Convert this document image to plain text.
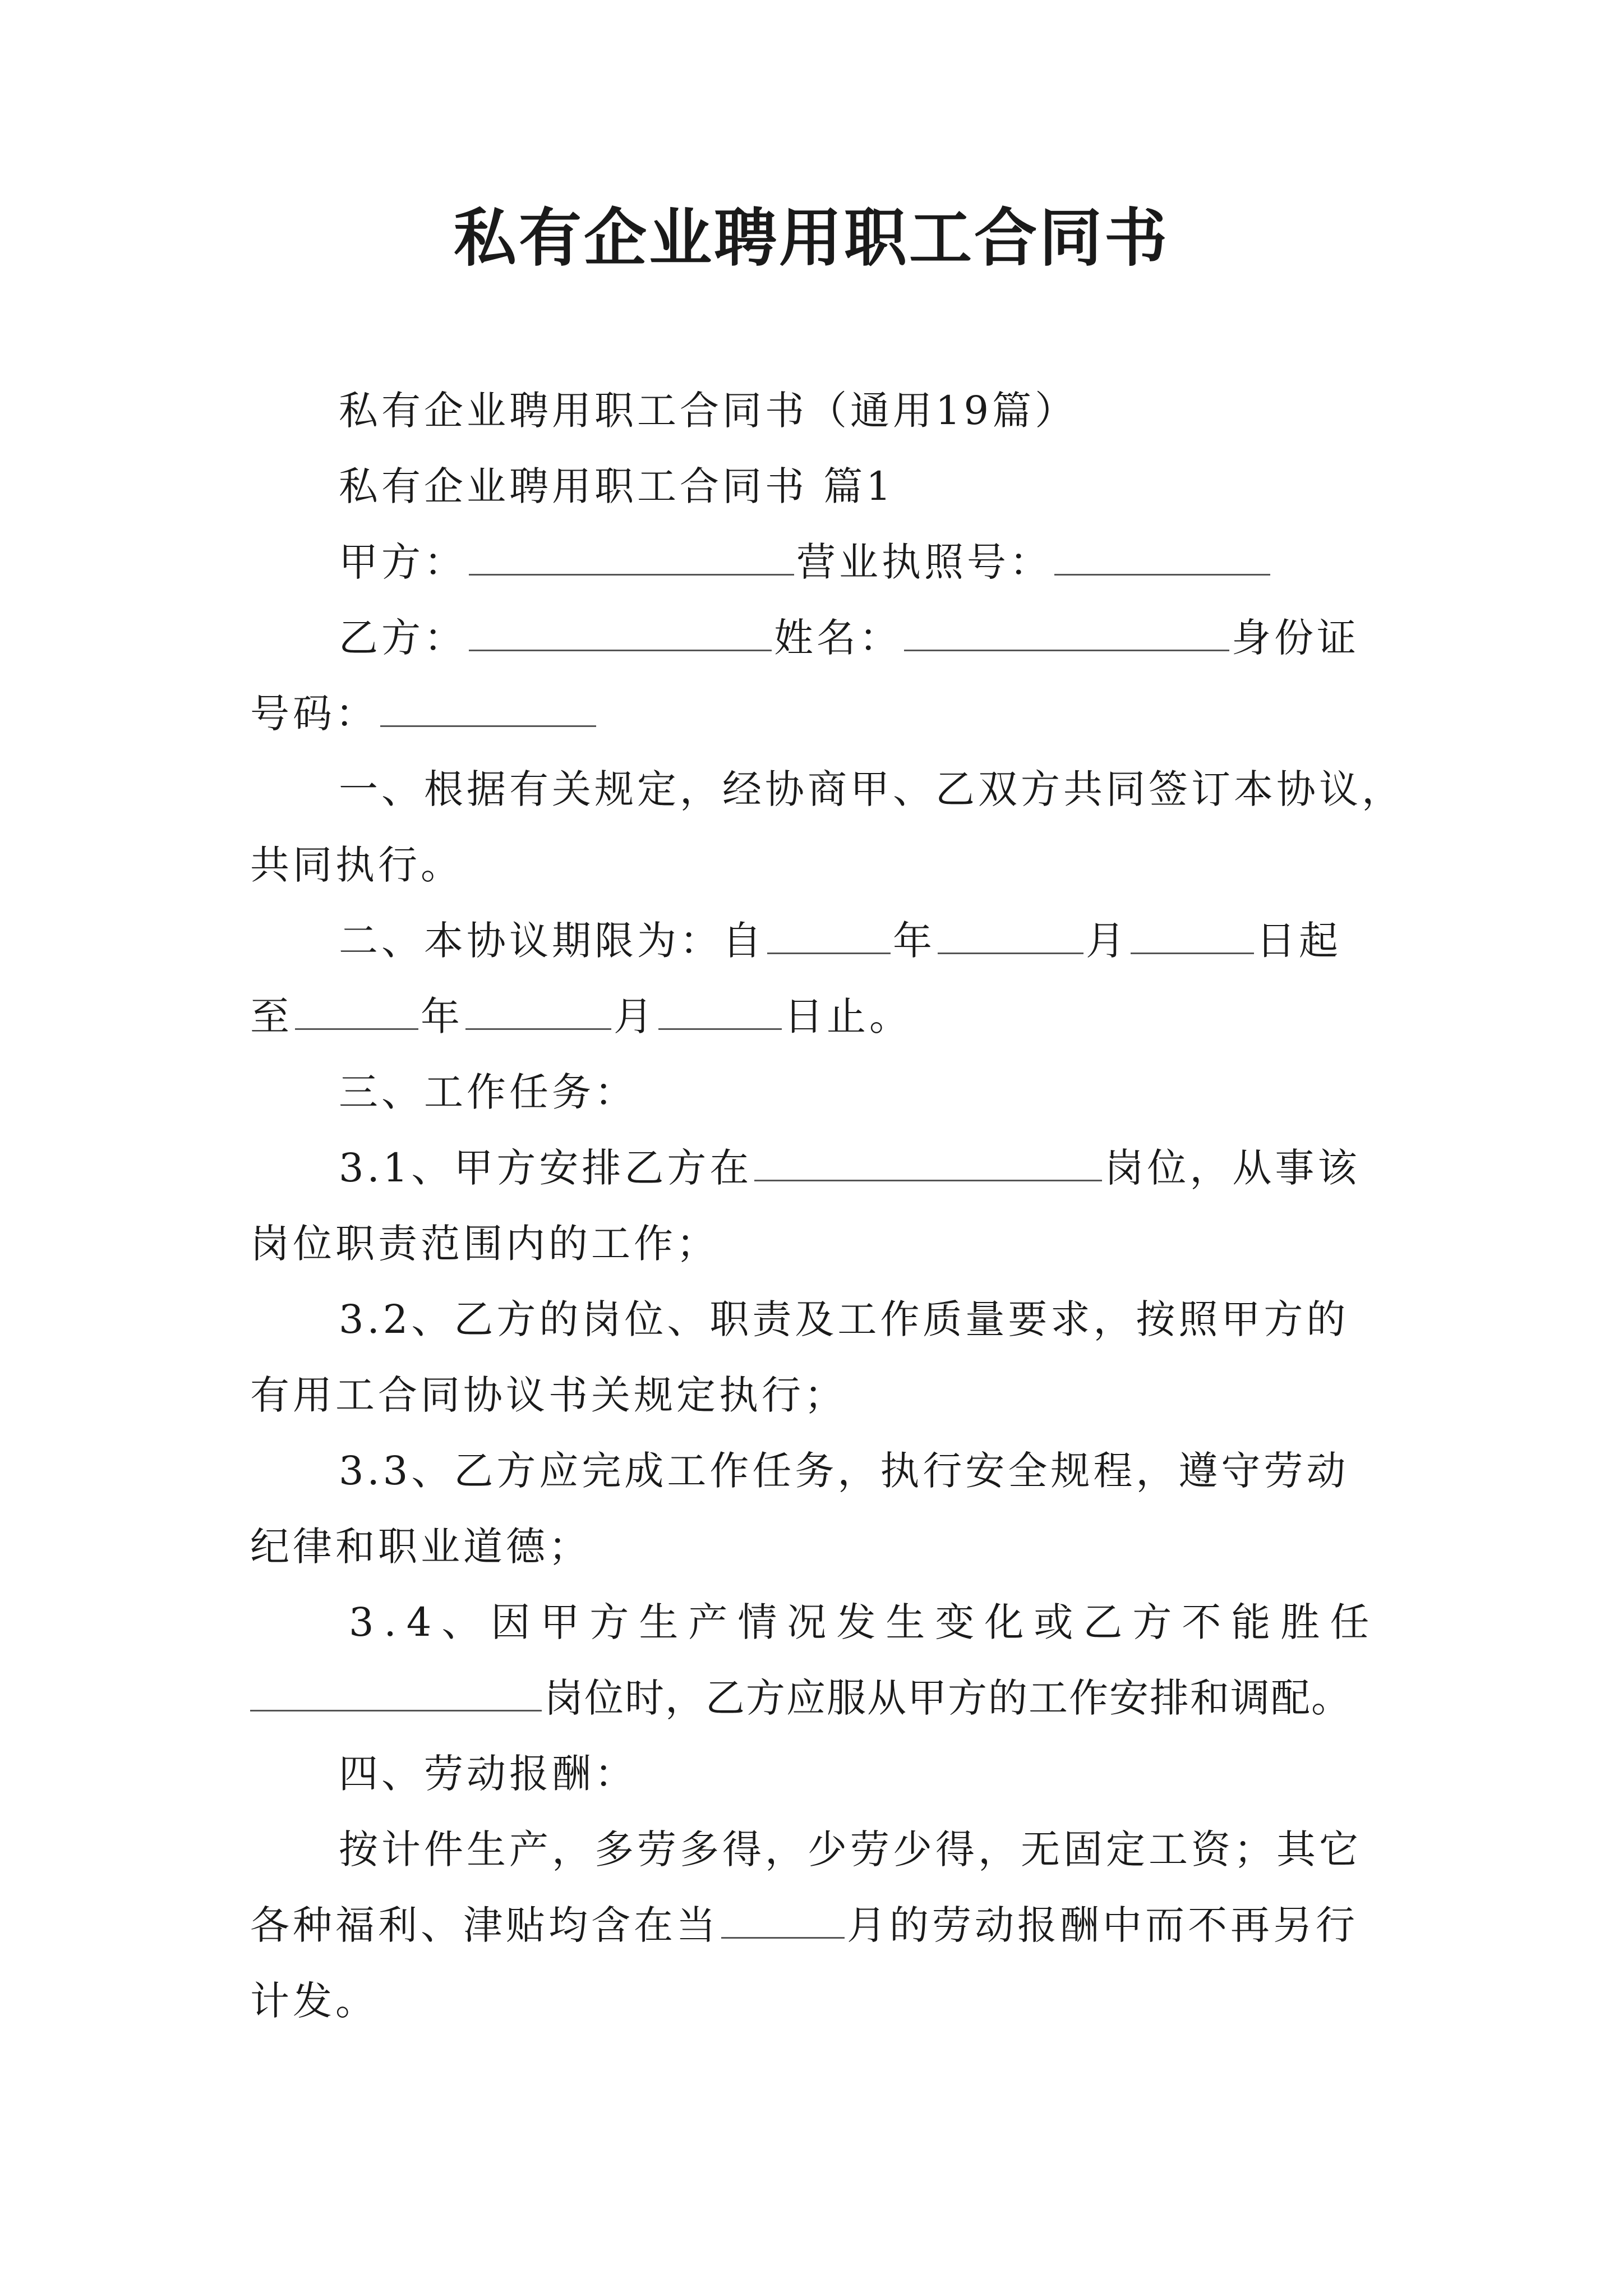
私有企业聘用职工合同书
私有企业聘用职工合同书（通用19篇）
私有企业聘用职工合同书 篇1
甲方：	营业执照号：
乙方：	姓名：	身份证
号码：
一、根据有关规定，经协商甲、乙双方共同签订本协议，
共同执行。
二、本协议期限为：自	年	月	日起
至	年	月	日止。
三、工作任务：
3.1、甲方安排乙方在	岗位，从事该
岗位职责范围内的工作；
3.2、乙方的岗位、职责及工作质量要求，按照甲方的
有用工合同协议书关规定执行；
3.3、乙方应完成工作任务，执行安全规程，遵守劳动
纪律和职业道德；
3.4、因甲方生产情况发生变化或乙方不能胜任
岗位时，乙方应服从甲方的工作安排和调配。
四、劳动报酬：
按计件生产，多劳多得，少劳少得，无固定工资；其它
各种福利、津贴均含在当	月的劳动报酬中而不再另行
计发。
